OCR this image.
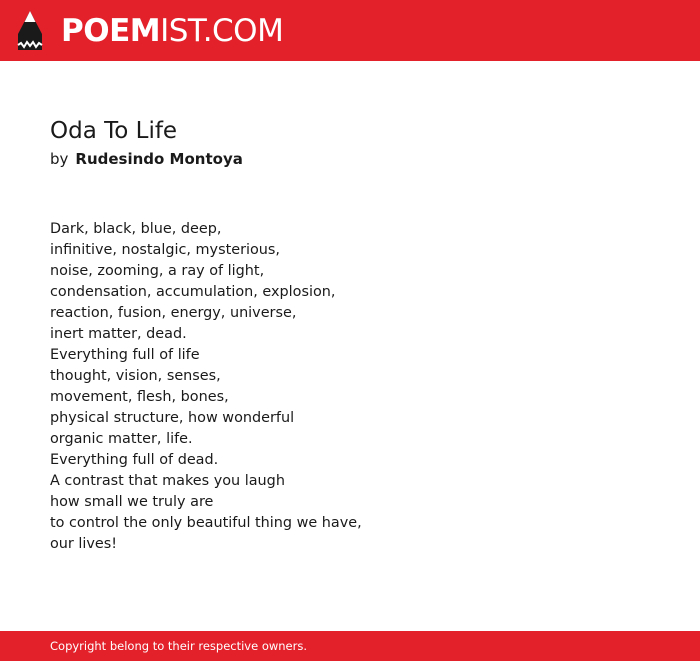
POEMIST.COM
Oda To Life
by Rudesindo Montoya
Dark, black, blue, deep,
infinitive, nostalgic, mysterious,
noise, zooming, a ray of light,
condensation, accumulation, explosion,
reaction, fusion, energy, universe,
inert matter, dead.
Everything full of life
thought, vision, senses,
movement, flesh, bones,
physical structure, how wonderful
organic matter, life.
Everything full of dead.
A contrast that makes you laugh
how small we truly are
to control the only beautiful thing we have,
our lives!
Copyright belong to their respective owners.
